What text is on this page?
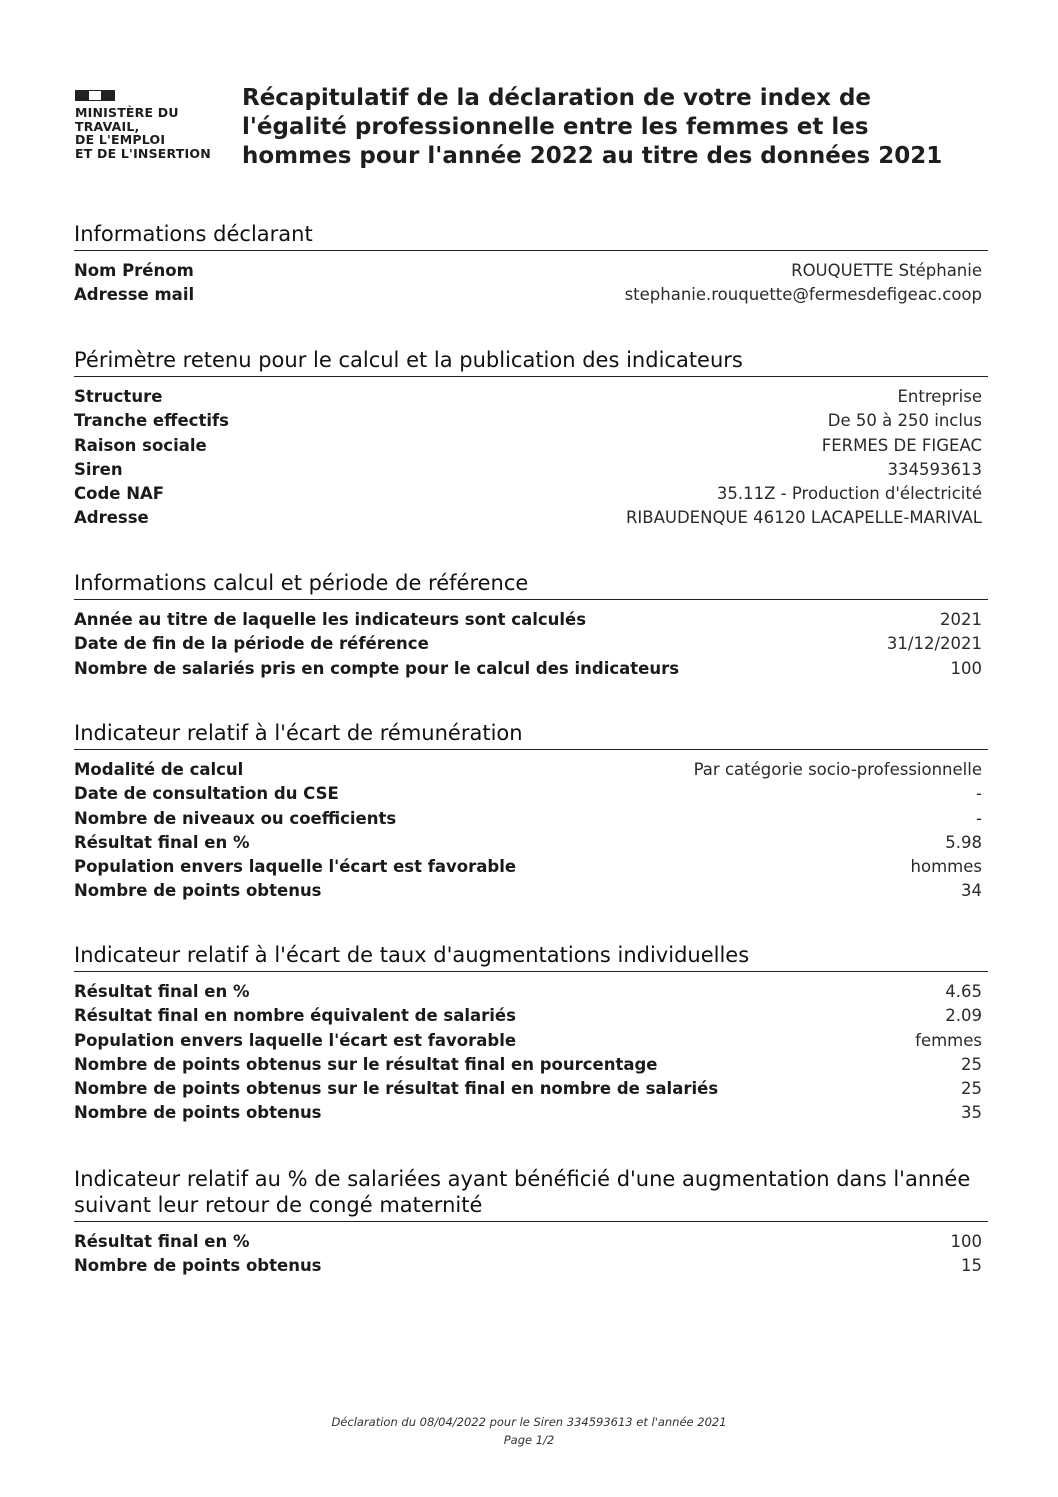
MINISTÈRE DU
TRAVAIL,
DE L'EMPLOI
ET DE L'INSERTION
Récapitulatif de la déclaration de votre index de l'égalité professionnelle entre les femmes et les hommes pour l'année 2022 au titre des données 2021
Informations déclarant
Nom Prénom	ROUQUETTE Stéphanie
Adresse mail	stephanie.rouquette@fermesdefigeac.coop
Périmètre retenu pour le calcul et la publication des indicateurs
Structure	Entreprise
Tranche effectifs	De 50 à 250 inclus
Raison sociale	FERMES DE FIGEAC
Siren	334593613
Code NAF	35.11Z - Production d'électricité
Adresse	RIBAUDENQUE 46120 LACAPELLE-MARIVAL
Informations calcul et période de référence
Année au titre de laquelle les indicateurs sont calculés	2021
Date de fin de la période de référence	31/12/2021
Nombre de salariés pris en compte pour le calcul des indicateurs	100
Indicateur relatif à l'écart de rémunération
Modalité de calcul	Par catégorie socio-professionnelle
Date de consultation du CSE	-
Nombre de niveaux ou coefficients	-
Résultat final en %	5.98
Population envers laquelle l'écart est favorable	hommes
Nombre de points obtenus	34
Indicateur relatif à l'écart de taux d'augmentations individuelles
Résultat final en %	4.65
Résultat final en nombre équivalent de salariés	2.09
Population envers laquelle l'écart est favorable	femmes
Nombre de points obtenus sur le résultat final en pourcentage	25
Nombre de points obtenus sur le résultat final en nombre de salariés	25
Nombre de points obtenus	35
Indicateur relatif au % de salariées ayant bénéficié d'une augmentation dans l'année suivant leur retour de congé maternité
Résultat final en %	100
Nombre de points obtenus	15
Déclaration du 08/04/2022 pour le Siren 334593613 et l'année 2021
Page 1/2
